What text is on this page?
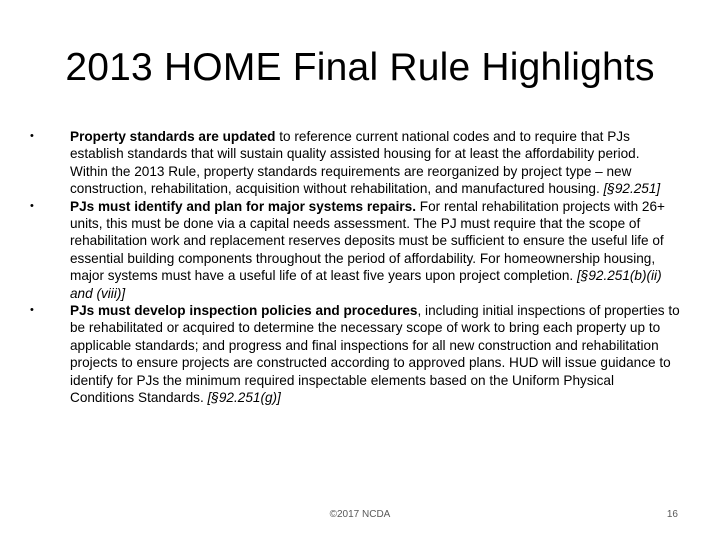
2013 HOME Final Rule Highlights
•	Property standards are updated to reference current national codes and to require that PJs establish standards that will sustain quality assisted housing for at least the affordability period. Within the 2013 Rule, property standards requirements are reorganized by project type – new construction, rehabilitation, acquisition without rehabilitation, and manufactured housing. [§92.251]
•	PJs must identify and plan for major systems repairs. For rental rehabilitation projects with 26+ units, this must be done via a capital needs assessment. The PJ must require that the scope of rehabilitation work and replacement reserves deposits must be sufficient to ensure the useful life of essential building components throughout the period of affordability. For homeownership housing, major systems must have a useful life of at least five years upon project completion. [§92.251(b)(ii) and (viii)]
•	PJs must develop inspection policies and procedures, including initial inspections of properties to be rehabilitated or acquired to determine the necessary scope of work to bring each property up to applicable standards; and progress and final inspections for all new construction and rehabilitation projects to ensure projects are constructed according to approved plans. HUD will issue guidance to identify for PJs the minimum required inspectable elements based on the Uniform Physical Conditions Standards. [§92.251(g)]
©2017 NCDA	16
